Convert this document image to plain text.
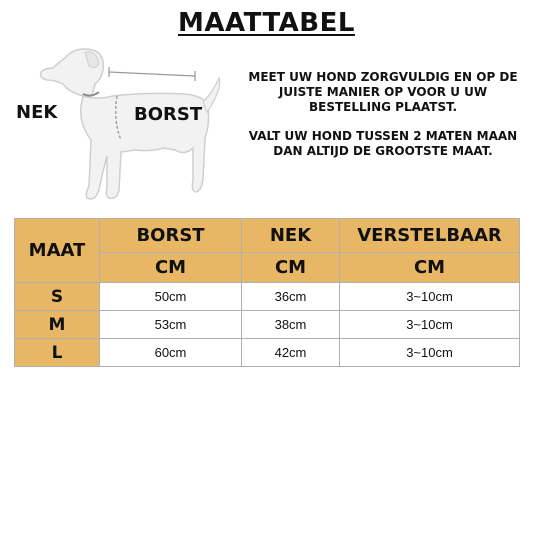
MAATTABEL
NEK	BORST

MEET UW HOND ZORGVULDIG EN OP DE JUISTE MANIER OP VOOR U UW BESTELLING PLAATST.

VALT UW HOND TUSSEN 2 MATEN MAAN DAN ALTIJD DE GROOTSTE MAAT.

MAAT	BORST	NEK	VERSTELBAAR
	CM	CM	CM
S	50cm	36cm	3~10cm
M	53cm	38cm	3~10cm
L	60cm	42cm	3~10cm
